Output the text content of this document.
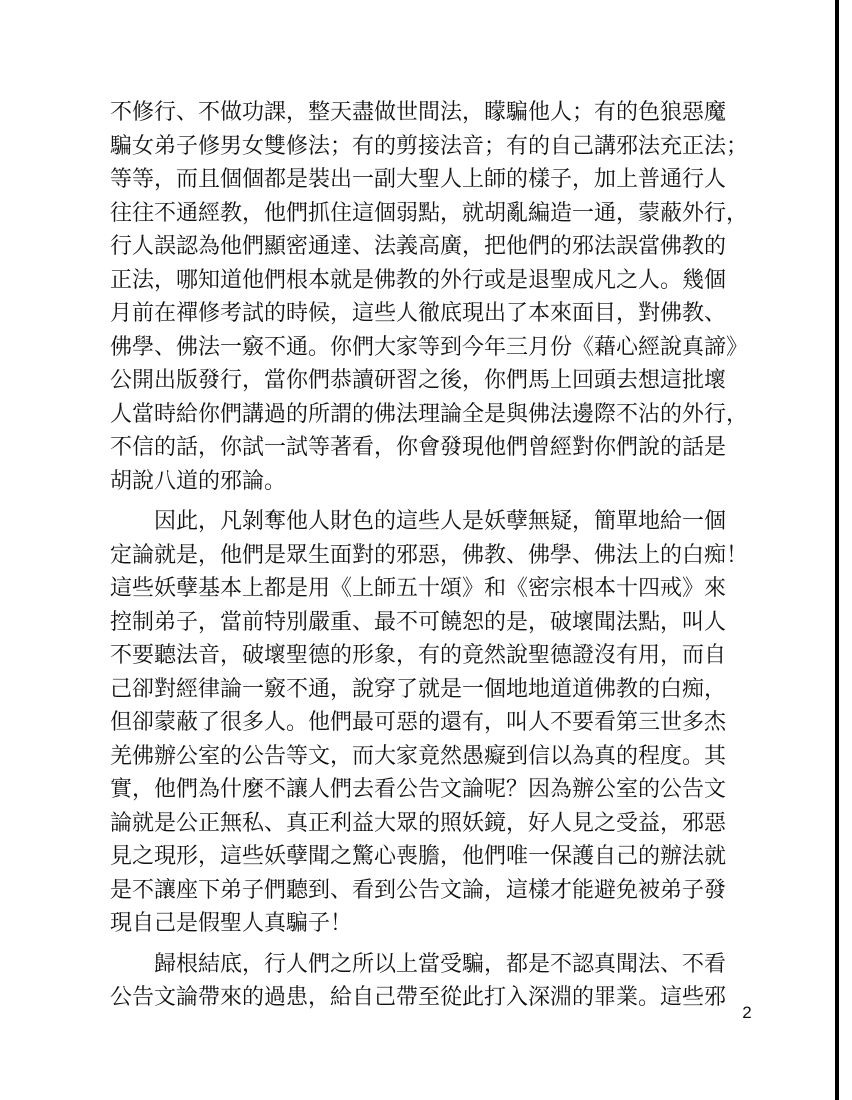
不修行、不做功課，整天盡做世間法，矇騙他人；有的色狼惡魔
騙女弟子修男女雙修法；有的剪接法音；有的自己講邪法充正法；
等等，而且個個都是裝出一副大聖人上師的樣子，加上普通行人
往往不通經教，他們抓住這個弱點，就胡亂編造一通，蒙蔽外行，
行人誤認為他們顯密通達、法義高廣，把他們的邪法誤當佛教的
正法，哪知道他們根本就是佛教的外行或是退聖成凡之人。幾個
月前在禪修考試的時候，這些人徹底現出了本來面目，對佛教、
佛學、佛法一竅不通。你們大家等到今年三月份《藉心經說真諦》
公開出版發行，當你們恭讀研習之後，你們馬上回頭去想這批壞
人當時給你們講過的所謂的佛法理論全是與佛法邊際不沾的外行，
不信的話，你試一試等著看，你會發現他們曾經對你們說的話是
胡說八道的邪論。
　　因此，凡剝奪他人財色的這些人是妖孽無疑，簡單地給一個
定論就是，他們是眾生面對的邪惡，佛教、佛學、佛法上的白痴！
這些妖孽基本上都是用《上師五十頌》和《密宗根本十四戒》來
控制弟子，當前特別嚴重、最不可饒恕的是，破壞聞法點，叫人
不要聽法音，破壞聖德的形象，有的竟然說聖德證沒有用，而自
己卻對經律論一竅不通，說穿了就是一個地地道道佛教的白痴，
但卻蒙蔽了很多人。他們最可惡的還有，叫人不要看第三世多杰
羌佛辦公室的公告等文，而大家竟然愚癡到信以為真的程度。其
實，他們為什麼不讓人們去看公告文論呢？因為辦公室的公告文
論就是公正無私、真正利益大眾的照妖鏡，好人見之受益，邪惡
見之現形，這些妖孽聞之驚心喪膽，他們唯一保護自己的辦法就
是不讓座下弟子們聽到、看到公告文論，這樣才能避免被弟子發
現自己是假聖人真騙子！
　　歸根結底，行人們之所以上當受騙，都是不認真聞法、不看
公告文論帶來的過患，給自己帶至從此打入深淵的罪業。這些邪
2
